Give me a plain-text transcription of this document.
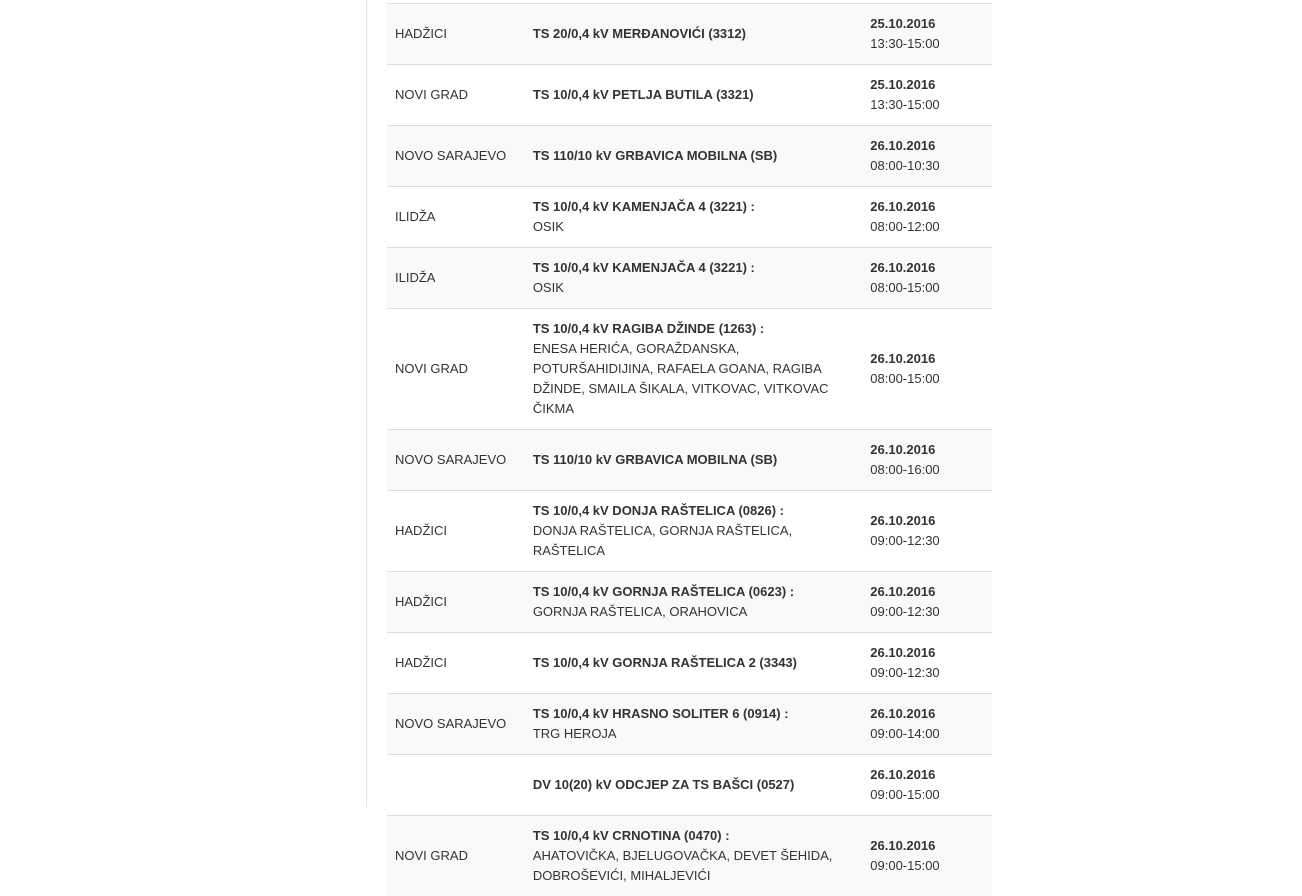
HADŽICI	TS 20/0,4 kV MERĐANOVIĆI (3312)	25.10.2016
13:30-15:00

NOVI GRAD	TS 10/0,4 kV PETLJA BUTILA (3321)	25.10.2016
13:30-15:00

NOVO SARAJEVO	TS 110/10 kV GRBAVICA MOBILNA (SB)	26.10.2016
08:00-10:30

ILIDŽA	TS 10/0,4 kV KAMENJAČA 4 (3221) :
OSIK	26.10.2016
08:00-12:00

ILIDŽA	TS 10/0,4 kV KAMENJAČA 4 (3221) :
OSIK	26.10.2016
08:00-15:00

NOVI GRAD	TS 10/0,4 kV RAGIBA DŽINDE (1263) :
ENESA HERIĆA, GORAŽDANSKA, POTURŠAHIDIJINA, RAFAELA GOANA, RAGIBA DŽINDE, SMAILA ŠIKALA, VITKOVAC, VITKOVAC ČIKMA	26.10.2016
08:00-15:00

NOVO SARAJEVO	TS 110/10 kV GRBAVICA MOBILNA (SB)	26.10.2016
08:00-16:00

HADŽICI	TS 10/0,4 kV DONJA RAŠTELICA (0826) :
DONJA RAŠTELICA, GORNJA RAŠTELICA, RAŠTELICA	26.10.2016
09:00-12:30

HADŽICI	TS 10/0,4 kV GORNJA RAŠTELICA (0623) :
GORNJA RAŠTELICA, ORAHOVICA	26.10.2016
09:00-12:30

HADŽICI	TS 10/0,4 kV GORNJA RAŠTELICA 2 (3343)	26.10.2016
09:00-12:30

NOVO SARAJEVO	TS 10/0,4 kV HRASNO SOLITER 6 (0914) :
TRG HEROJA	26.10.2016
09:00-14:00

	DV 10(20) kV ODCJEP ZA TS BAŠCI (0527)	26.10.2016
09:00-15:00

NOVI GRAD	TS 10/0,4 kV CRNOTINA (0470) :
AHATOVIČKA, BJELUGOVAČKA, DEVET ŠEHIDA, DOBROŠEVIĆI, MIHALJEVIĆI	26.10.2016
09:00-15:00
